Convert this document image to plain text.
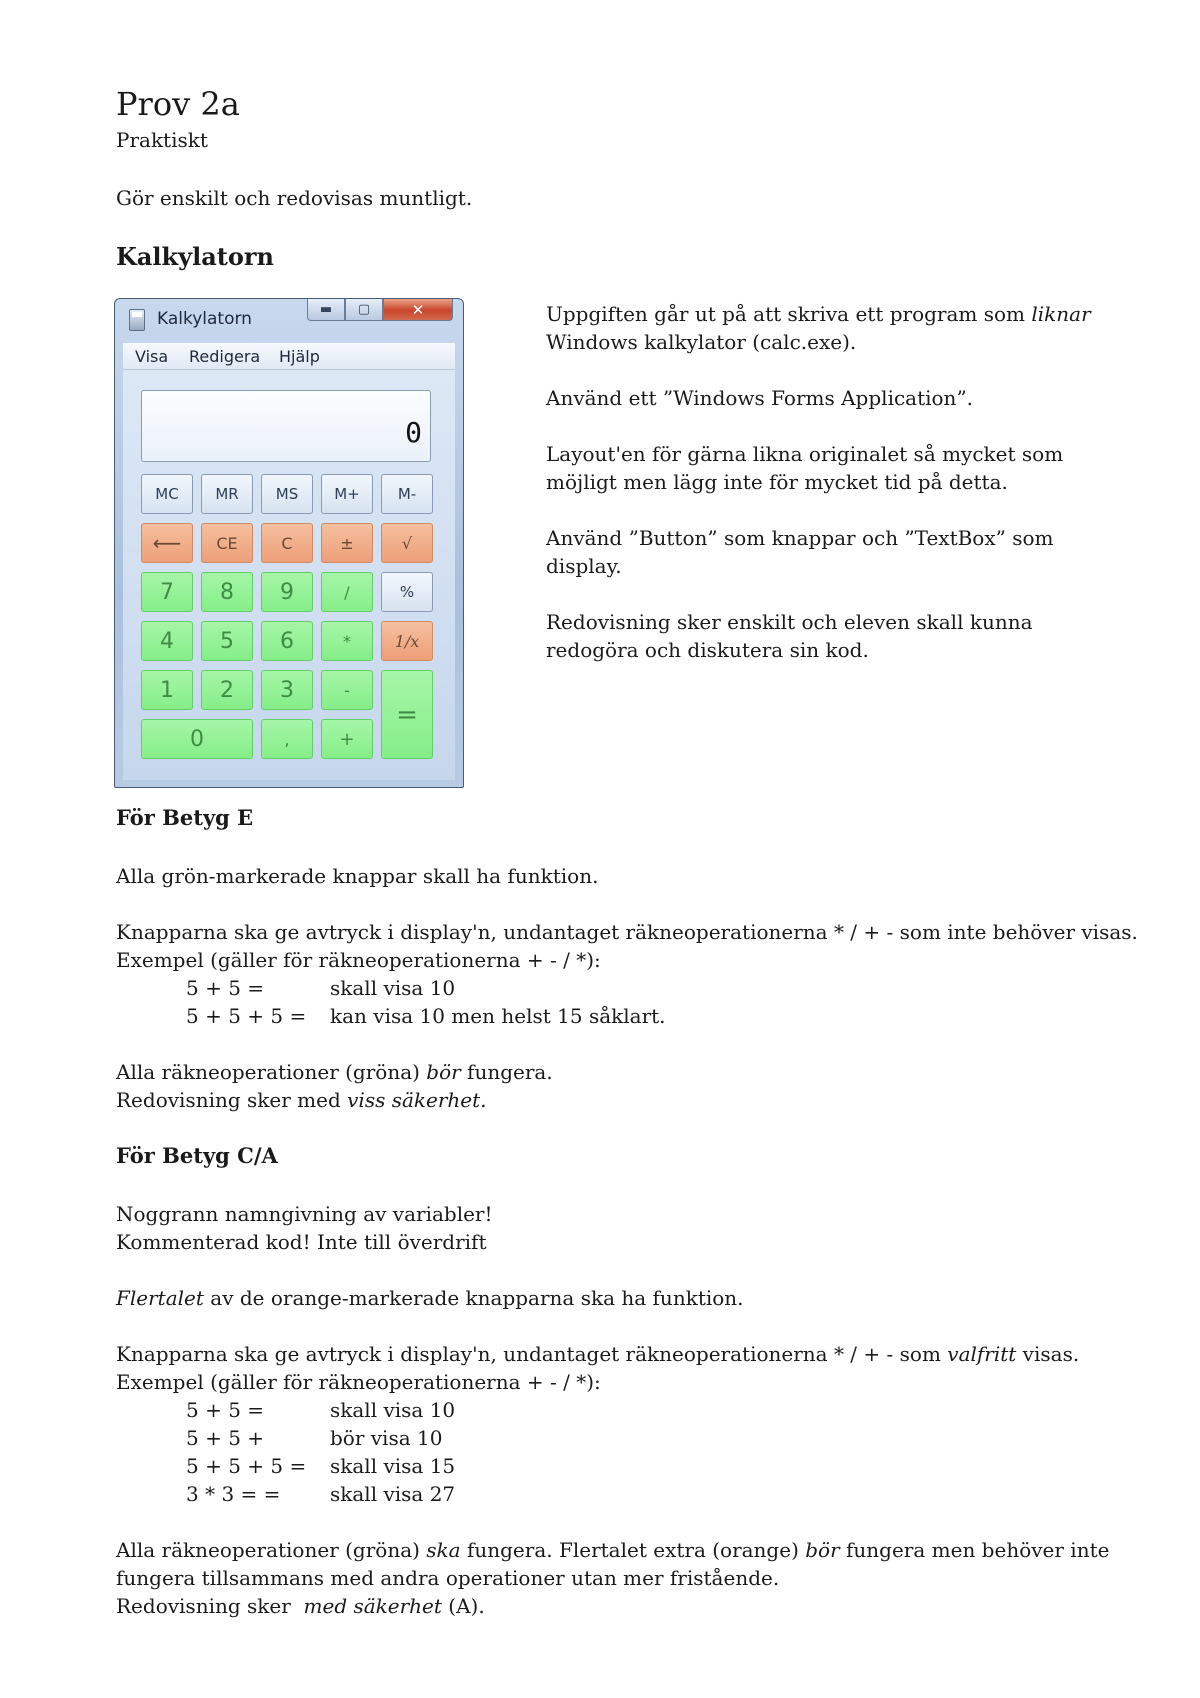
Prov 2a
Praktiskt
Gör enskilt och redovisas muntligt.
Kalkylatorn
Kalkylatorn	▬ ▢	✕
Visa Redigera Hjälp
0
MC	MR	MS	M+	M-
⟵	CE	C	±	√
7	8	9	/	%
4	5	6	*	1/x
1	2	3	-
=
0	,	+

Uppgiften går ut på att skriva ett program som liknar Windows kalkylator (calc.exe).

Använd ett ”Windows Forms Application”.

Layout'en för gärna likna originalet så mycket som möjligt men lägg inte för mycket tid på detta.

Använd ”Button” som knappar och ”TextBox” som display.

Redovisning sker enskilt och eleven skall kunna redogöra och diskutera sin kod.

För Betyg E
Alla grön-markerade knappar skall ha funktion.
Knapparna ska ge avtryck i display'n, undantaget räkneoperationerna * / + - som inte behöver visas.
Exempel (gäller för räkneoperationerna + - / *):
5 + 5 =	skall visa 10
5 + 5 + 5 = kan visa 10 men helst 15 såklart.
Alla räkneoperationer (gröna) bör fungera.
Redovisning sker med viss säkerhet.
För Betyg C/A
Noggrann namngivning av variabler!
Kommenterad kod! Inte till överdrift
Flertalet av de orange-markerade knapparna ska ha funktion.
Knapparna ska ge avtryck i display'n, undantaget räkneoperationerna * / + - som valfritt visas.
Exempel (gäller för räkneoperationerna + - / *):
5 + 5 =	skall visa 10
5 + 5 +	bör visa 10
5 + 5 + 5 = skall visa 15
3 * 3 = = skall visa 27
Alla räkneoperationer (gröna) ska fungera. Flertalet extra (orange) bör fungera men behöver inte
fungera tillsammans med andra operationer utan mer fristående.
Redovisning sker  med säkerhet (A).
